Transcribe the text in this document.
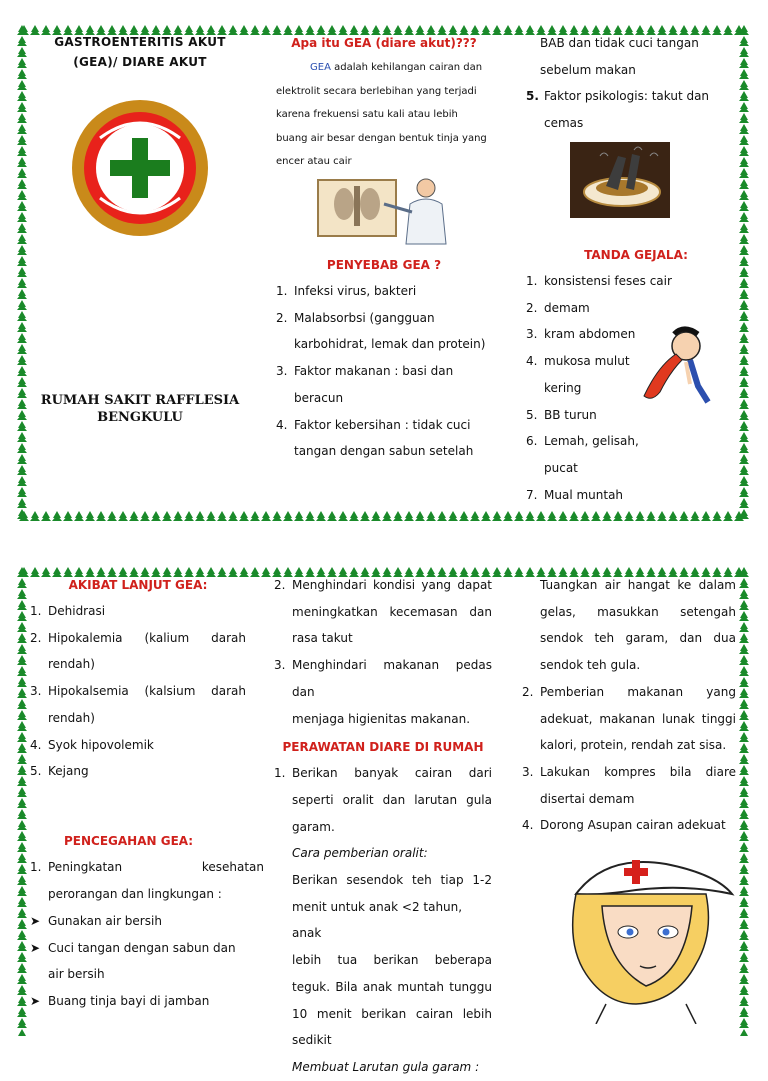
GASTROENTERITIS AKUT
(GEA)/ DIARE AKUT
RUMAH SAKIT RAFFLESIA
BENGKULU
Apa itu GEA (diare akut)???
GEA adalah kehilangan cairan dan
elektrolit secara berlebihan yang terjadi
karena frekuensi satu kali atau lebih
buang air besar dengan bentuk tinja yang
encer atau cair
PENYEBAB GEA ?
1. Infeksi virus, bakteri
2. Malabsorbsi (gangguan
karbohidrat, lemak dan protein)
3. Faktor makanan : basi dan
beracun
4. Faktor kebersihan : tidak cuci
tangan dengan sabun setelah
BAB dan tidak cuci tangan
sebelum makan
5. Faktor psikologis: takut dan
cemas
TANDA GEJALA:
1. konsistensi feses cair
2. demam
3. kram abdomen
4. mukosa mulut
kering
5. BB turun
6. Lemah, gelisah, pucat
7. Mual muntah
AKIBAT LANJUT GEA:
1. Dehidrasi
2. Hipokalemia (kalium darah
rendah)
3. Hipokalsemia (kalsium darah
rendah)
4. Syok hipovolemik
5. Kejang
PENCEGAHAN GEA:
1. Peningkatan kesehatan
perorangan dan lingkungan :
➤ Gunakan air bersih
➤ Cuci tangan dengan sabun dan
air bersih
➤ Buang tinja bayi di jamban
2. Menghindari kondisi yang dapat
meningkatkan kecemasan dan
rasa takut
3. Menghindari makanan pedas dan
menjaga higienitas makanan.
PERAWATAN DIARE DI RUMAH
1. Berikan banyak cairan dari
seperti oralit dan larutan gula
garam.
Cara pemberian oralit:
Berikan sesendok teh tiap 1-2
menit untuk anak <2 tahun, anak
lebih tua berikan beberapa
teguk. Bila anak muntah tunggu
10 menit berikan cairan lebih
sedikit
Membuat Larutan gula garam :
Tuangkan air hangat ke dalam
gelas, masukkan setengah
sendok teh garam, dan dua
sendok teh gula.
2. Pemberian makanan yang
adekuat, makanan lunak tinggi
kalori, protein, rendah zat sisa.
3. Lakukan kompres bila diare
disertai demam
4. Dorong Asupan cairan adekuat
